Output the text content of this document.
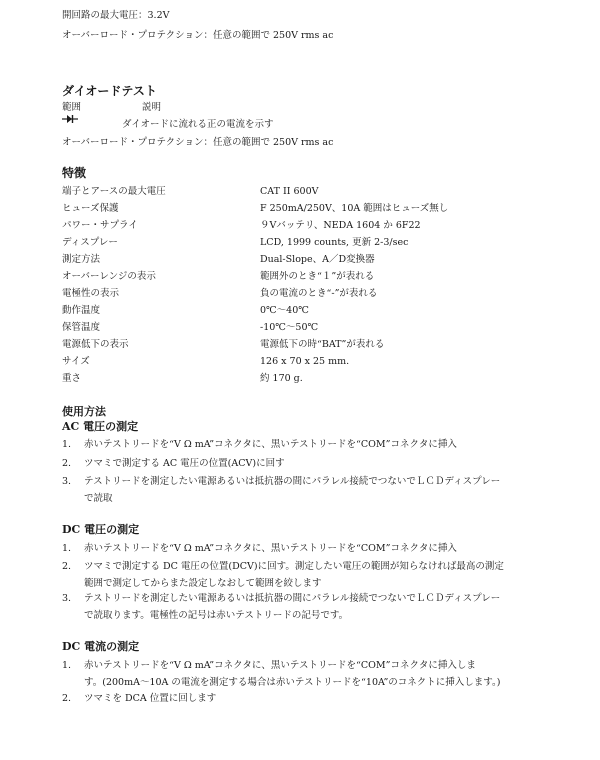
開回路の最大電圧：3.2V
オーバーロード・プロテクション：任意の範囲で 250V rms ac
ダイオードテスト
範囲	説明
ダイオードに流れる正の電流を示す
オーバーロード・プロテクション：任意の範囲で 250V rms ac
特徴
端子とアースの最大電圧	CAT II 600V
ヒューズ保護	F 250mA/250V、10A 範囲はヒューズ無し
パワー・サプライ	９Vバッテリ、NEDA 1604 か 6F22
ディスプレー	LCD, 1999 counts, 更新 2-3/sec
測定方法	Dual-Slope、A／D変換器
オーバーレンジの表示	範囲外のとき“１”が表れる
電極性の表示	負の電流のとき“-”が表れる
動作温度	0℃～40℃
保管温度	-10℃～50℃
電源低下の表示	電源低下の時“BAT”が表れる
サイズ	126 x 70 x 25 mm.
重さ	約 170 g.
使用方法
AC 電圧の測定
1. 赤いテストリードを“V Ω mA”コネクタに、黒いテストリードを“COM”コネクタに挿入
2. ツマミで測定する AC 電圧の位置(ACV)に回す
3. テストリードを測定したい電源あるいは抵抗器の間にパラレル接続でつないでＬＣＤディスプレー
で読取
DC 電圧の測定
1. 赤いテストリードを“V Ω mA”コネクタに、黒いテストリードを“COM”コネクタに挿入
2. ツマミで測定する DC 電圧の位置(DCV)に回す。測定したい電圧の範囲が知らなければ最高の測定
範囲で測定してからまた設定しなおして範囲を絞します
3. テストリードを測定したい電源あるいは抵抗器の間にパラレル接続でつないでＬＣＤディスプレー
で読取ります。電極性の記号は赤いテストリードの記号です。
DC 電流の測定
1. 赤いテストリードを“V Ω mA”コネクタに、黒いテストリードを“COM”コネクタに挿入しま
す。(200mA～10A の電流を測定する場合は赤いテストリードを“10A”のコネクトに挿入します。)
2. ツマミを DCA 位置に回します
